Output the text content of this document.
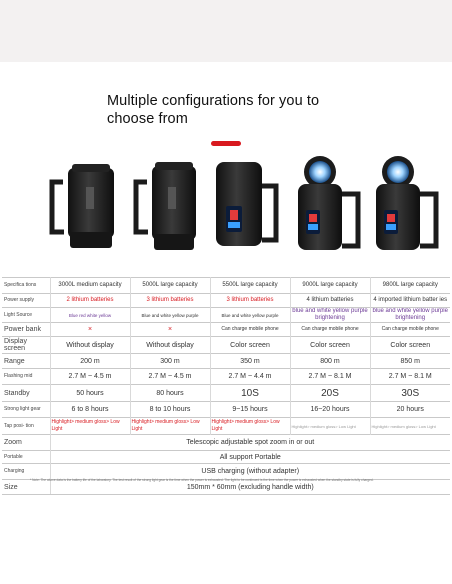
Multiple configurations for you to
choose from
Specifica tions	3000L medium capacity	5000L large capacity	5500L large capacity	9000L large capacity	9800L large capacity
Power supply	2 lithium batteries	3 lithium batteries	3 lithium batteries	4 lithium batteries	4 imported lithium batter ies
Light Source	Blue red white yellow	Blue and white yellow purple	Blue and white yellow purple	blue and white yellow purple brightening	blue and white yellow purple brightening
Power bank	×	×	Can charge mobile phone	Can charge mobile phone	Can charge mobile phone
Display screen	Without display	Without display	Color screen	Color screen	Color screen
Range	200 m	300 m	350 m	800 m	850 m
Flashing mid	2.7 M ~ 4.5 m	2.7 M ~ 4.5 m	2.7 M ~ 4.4 m	2.7 M ~ 8.1 M	2.7 M ~ 8.1 M
Standby	50 hours	80 hours	10S	20S	30S
Strong light gear	6 to 8 hours	8 to 10 hours	9~15 hours	16~20 hours	20 hours
Tap posi- tion	Highlight> medium gloss> Low Light	Highlight> medium gloss> Low Light	Highlight> medium gloss> Low Light	Highlight> medium gloss> Low Light	Highlight> medium gloss> Low Light
Zoom	Telescopic adjustable spot zoom in or out				
Portable	All support Portable				
Charging	USB charging (without adapter)				
Size	150mm * 60mm (excluding handle width)				
* Note: The above data is the battery life of the laboratory. The test result of the strong light gear is the time when the power is exhausted. The light to be continued is the time when the power is exhausted when the standby state is fully charged.
